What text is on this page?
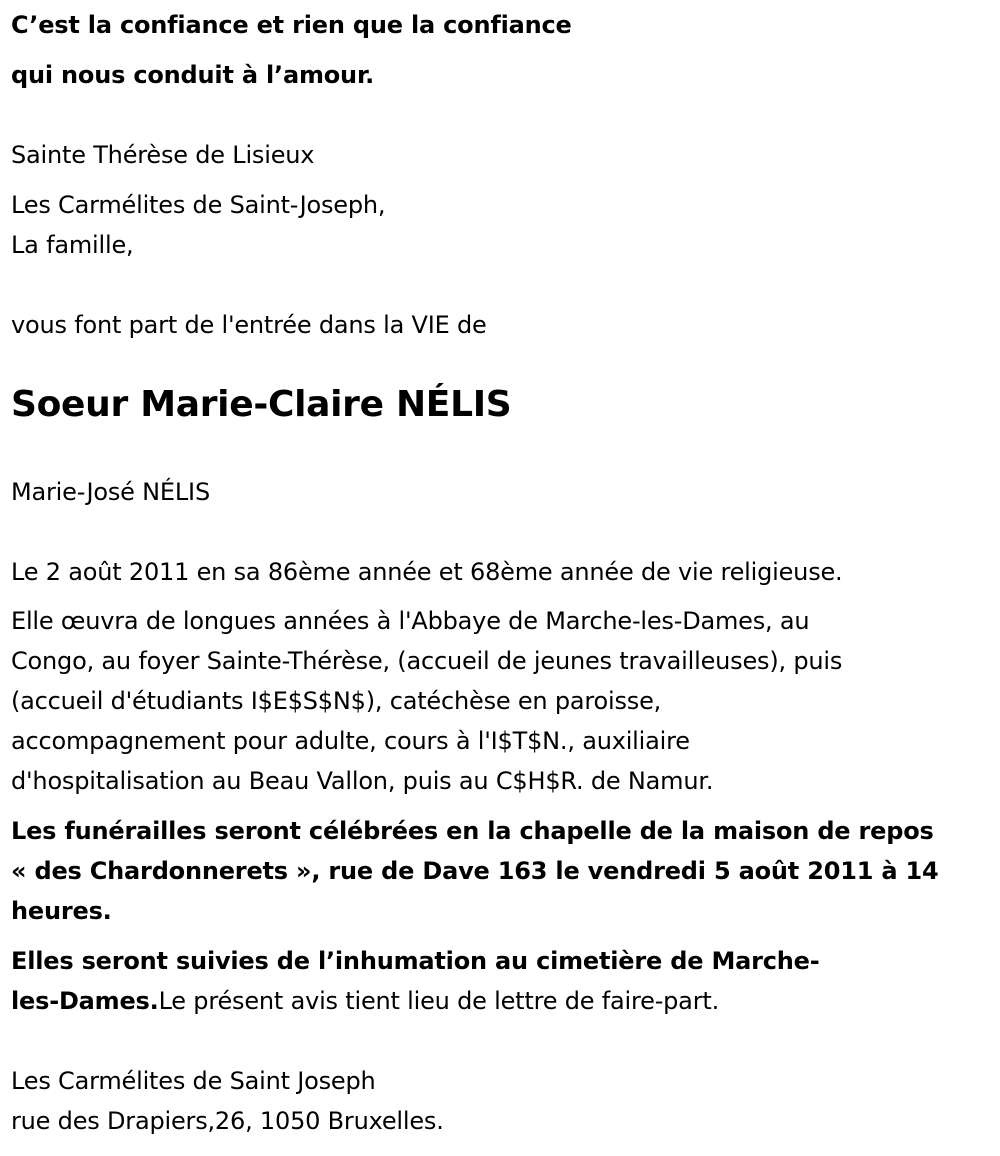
C’est la confiance et rien que la confiance
qui nous conduit à l’amour.
Sainte Thérèse de Lisieux
Les Carmélites de Saint-Joseph,
La famille,
vous font part de l'entrée dans la VIE de
Soeur Marie-Claire NÉLIS
Marie-José NÉLIS
Le 2 août 2011 en sa 86ème année et 68ème année de vie religieuse.
Elle œuvra de longues années à l'Abbaye de Marche-les-Dames, au
Congo, au foyer Sainte-Thérèse, (accueil de jeunes travailleuses), puis
(accueil d'étudiants I$E$S$N$), catéchèse en paroisse,
accompagnement pour adulte, cours à l'I$T$N., auxiliaire
d'hospitalisation au Beau Vallon, puis au C$H$R. de Namur.
Les funérailles seront célébrées en la chapelle de la maison de repos
« des Chardonnerets », rue de Dave 163 le vendredi 5 août 2011 à 14
heures.
Elles seront suivies de l’inhumation au cimetière de Marche-
les-Dames.Le présent avis tient lieu de lettre de faire-part.
Les Carmélites de Saint Joseph
rue des Drapiers,26, 1050 Bruxelles.
